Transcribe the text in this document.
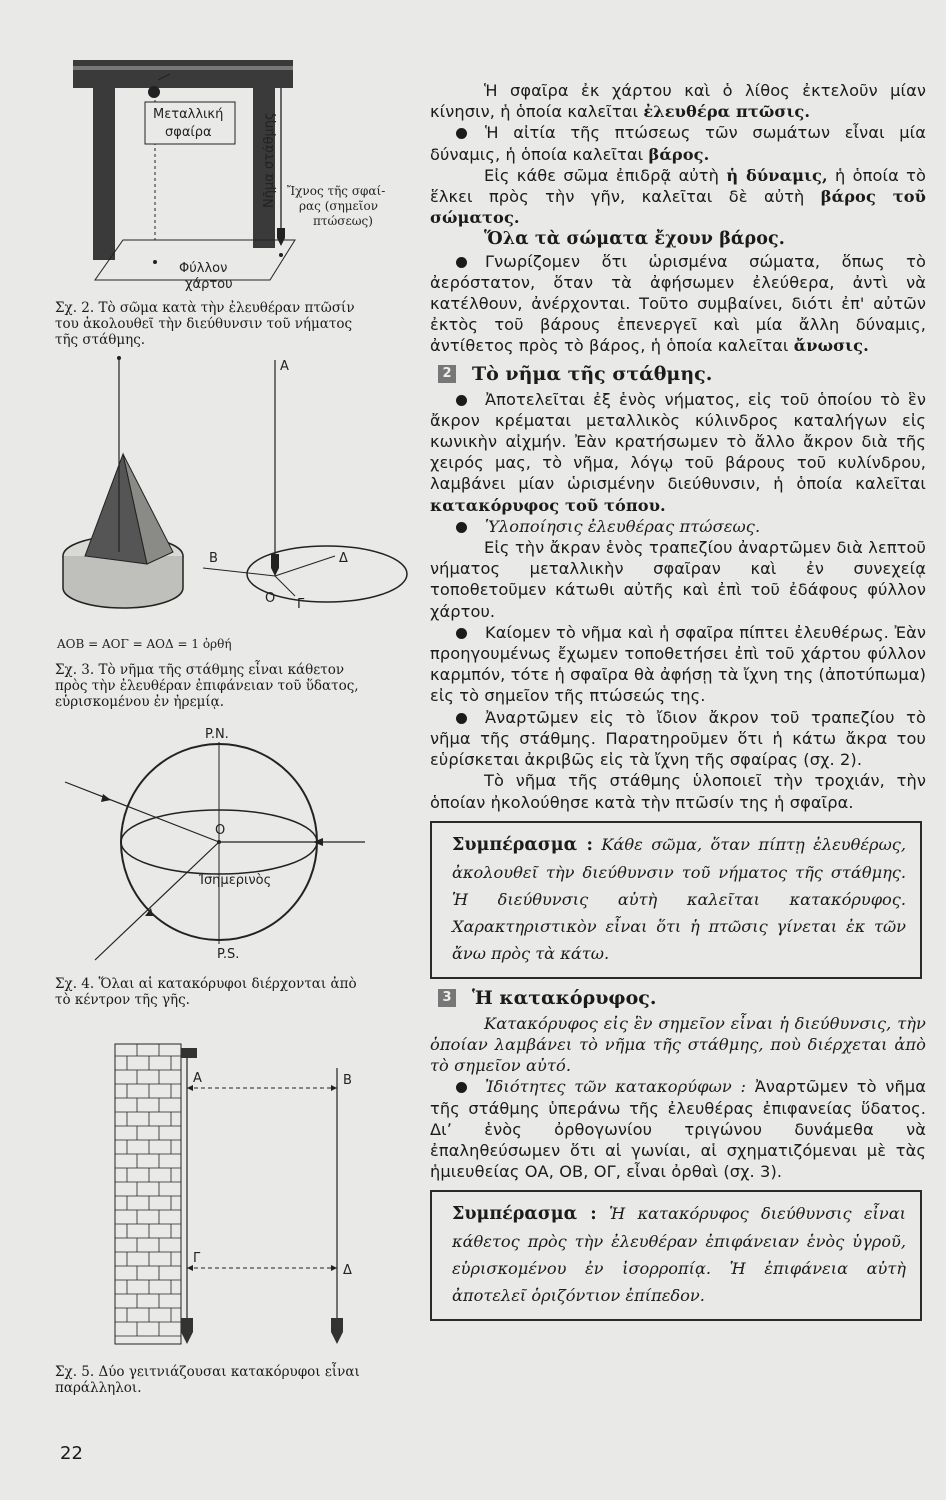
Μεταλλική
σφαίρα	Νῆμα στάθμης Ἴχνος τῆς σφαί-
ρας (σημεῖον
πτώσεως)
Φύλλον
χάρτου
Σχ. 2. Τὸ σῶμα κατὰ τὴν ἐλευθέραν πτῶσίν
του ἀκολουθεῖ τὴν διεύθυνσιν τοῦ νήματος
τῆς στάθμης.
Α
Β
Ο Γ
Δ
ΑΟΒ = ΑΟΓ = ΑΟΔ = 1 ὀρθή
Σχ. 3. Τὸ νῆμα τῆς στάθμης εἶναι κάθετον
πρὸς τὴν ἐλευθέραν ἐπιφάνειαν τοῦ ὕδατος,
εὑρισκομένου ἐν ἠρεμίᾳ.
P.N.
P.S.
O
Ἰσημερινὸς
Σχ. 4. Ὅλαι αἱ κατακόρυφοι διέρχονται ἀπὸ
τὸ κέντρον τῆς γῆς.
Α	Β
Γ
Δ
Σχ. 5. Δύο γειτνιάζουσαι κατακόρυφοι εἶναι
παράλληλοι.

Ἡ σφαῖρα ἐκ χάρτου καὶ ὁ λίθος ἐκτελοῦν μίαν κίνησιν, ἡ ὁποία καλεῖται ἐλευθέρα πτῶσις.

Ἡ αἰτία τῆς πτώσεως τῶν σωμάτων εἶναι μία δύναμις, ἡ ὁποία καλεῖται βάρος.

Εἰς κάθε σῶμα ἐπιδρᾷ αὐτὴ ἡ δύναμις, ἡ ὁποία τὸ ἕλκει πρὸς τὴν γῆν, καλεῖται δὲ αὐτὴ βάρος τοῦ σώματος.

Ὅλα τὰ σώματα ἔχουν βάρος.

Γνωρίζομεν ὅτι ὡρισμένα σώματα, ὅπως τὸ ἀερόστατον, ὅταν τὰ ἀφήσωμεν ἐλεύθερα, ἀντὶ νὰ κατέλθουν, ἀνέρχονται. Τοῦτο συμβαίνει, διότι ἐπ' αὐτῶν ἐκτὸς τοῦ βάρους ἐπενεργεῖ καὶ μία ἄλλη δύναμις, ἀντίθετος πρὸς τὸ βάρος, ἡ ὁποία καλεῖται ἄνωσις.

2 Τὸ νῆμα τῆς στάθμης.

Ἀποτελεῖται ἐξ ἑνὸς νήματος, εἰς τοῦ ὁποίου τὸ ἓν ἄκρον κρέμαται μεταλλικὸς κύλινδρος καταλήγων εἰς κωνικὴν αἰχμήν. Ἐὰν κρατήσωμεν τὸ ἄλλο ἄκρον διὰ τῆς χειρός μας, τὸ νῆμα, λόγῳ τοῦ βάρους τοῦ κυλίνδρου, λαμβάνει μίαν ὡρισμένην διεύθυνσιν, ἡ ὁποία καλεῖται κατακόρυφος τοῦ τόπου.

Ὑλοποίησις ἐλευθέρας πτώσεως.

Εἰς τὴν ἄκραν ἑνὸς τραπεζίου ἀναρτῶμεν διὰ λεπτοῦ νήματος μεταλλικὴν σφαῖραν καὶ ἐν συνεχείᾳ τοποθετοῦμεν κάτωθι αὐτῆς καὶ ἐπὶ τοῦ ἐδάφους φύλλον χάρτου.

Καίομεν τὸ νῆμα καὶ ἡ σφαῖρα πίπτει ἐλευθέρως. Ἐὰν προηγουμένως ἔχωμεν τοποθετήσει ἐπὶ τοῦ χάρτου φύλλον καρμπόν, τότε ἡ σφαῖρα θὰ ἀφήσῃ τὰ ἴχνη της (ἀποτύπωμα) εἰς τὸ σημεῖον τῆς πτώσεώς της.

Ἀναρτῶμεν εἰς τὸ ἴδιον ἄκρον τοῦ τραπεζίου τὸ νῆμα τῆς στάθμης. Παρατηροῦμεν ὅτι ἡ κάτω ἄκρα του εὑρίσκεται ἀκριβῶς εἰς τὰ ἴχνη τῆς σφαίρας (σχ. 2).

Τὸ νῆμα τῆς στάθμης ὑλοποιεῖ τὴν τροχιάν, τὴν ὁποίαν ἠκολούθησε κατὰ τὴν πτῶσίν της ἡ σφαῖρα.

Συμπέρασμα : Κάθε σῶμα, ὅταν πίπτῃ ἐλευθέρως, ἀκολουθεῖ τὴν διεύθυνσιν τοῦ νήματος τῆς στάθμης. Ἡ διεύθυνσις αὐτὴ καλεῖται κατακόρυφος. Χαρακτηριστικὸν εἶναι ὅτι ἡ πτῶσις γίνεται ἐκ τῶν ἄνω πρὸς τὰ κάτω.
3 Ἡ κατακόρυφος.

Κατακόρυφος εἰς ἓν σημεῖον εἶναι ἡ διεύθυνσις, τὴν ὁποίαν λαμβάνει τὸ νῆμα τῆς στάθμης, ποὺ διέρχεται ἀπὸ τὸ σημεῖον αὐτό.

Ἰδιότητες τῶν κατακορύφων : Ἀναρτῶμεν τὸ νῆμα τῆς στάθμης ὑπεράνω τῆς ἐλευθέρας ἐπιφανείας ὕδατος. Διʼ ἑνὸς ὀρθογωνίου τριγώνου δυνάμεθα νὰ ἐπαληθεύσωμεν ὅτι αἱ γωνίαι, αἱ σχηματιζόμεναι μὲ τὰς ἡμιευθείας ΟΑ, ΟΒ, ΟΓ, εἶναι ὀρθαὶ (σχ. 3).

Συμπέρασμα : Ἡ κατακόρυφος διεύθυνσις εἶναι κάθετος πρὸς τὴν ἐλευθέραν ἐπιφάνειαν ἑνὸς ὑγροῦ, εὑρισκομένου ἐν ἰσορροπίᾳ. Ἡ ἐπιφάνεια αὐτὴ ἀποτελεῖ ὁριζόντιον ἐπίπεδον.
22
